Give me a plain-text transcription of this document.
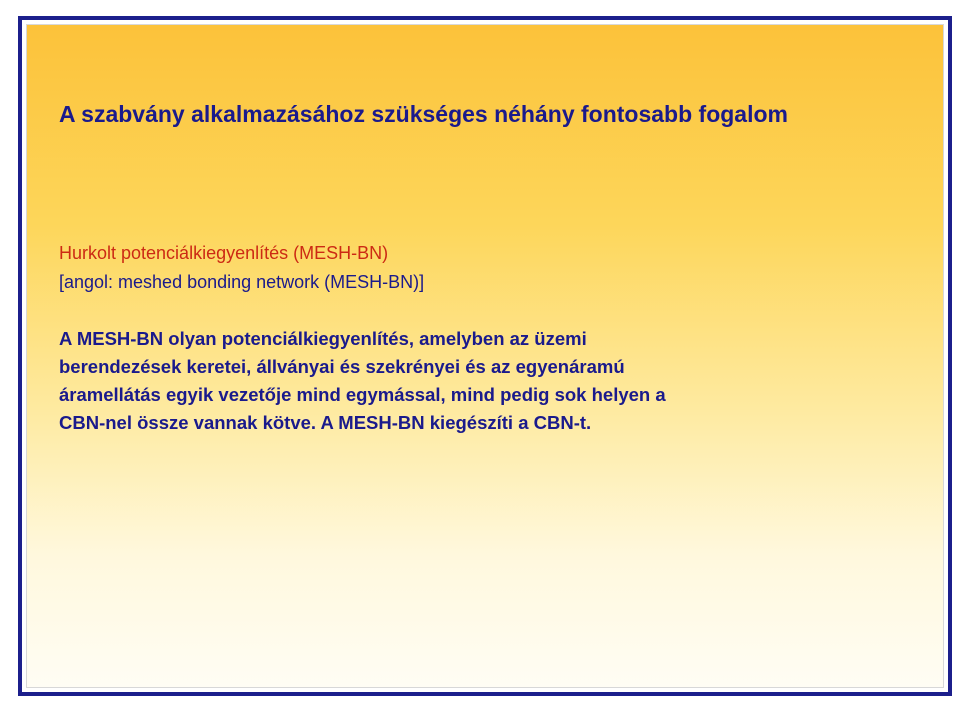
A szabvány alkalmazásához szükséges néhány fontosabb fogalom
Hurkolt potenciálkiegyenlítés (MESH-BN)
[angol: meshed bonding network (MESH-BN)]

A MESH-BN olyan potenciálkiegyenlítés, amelyben az üzemi
berendezések keretei, állványai és szekrényei és az egyenáramú
áramellátás egyik vezetője mind egymással, mind pedig sok helyen a
CBN-nel össze vannak kötve. A MESH-BN kiegészíti a CBN-t.
